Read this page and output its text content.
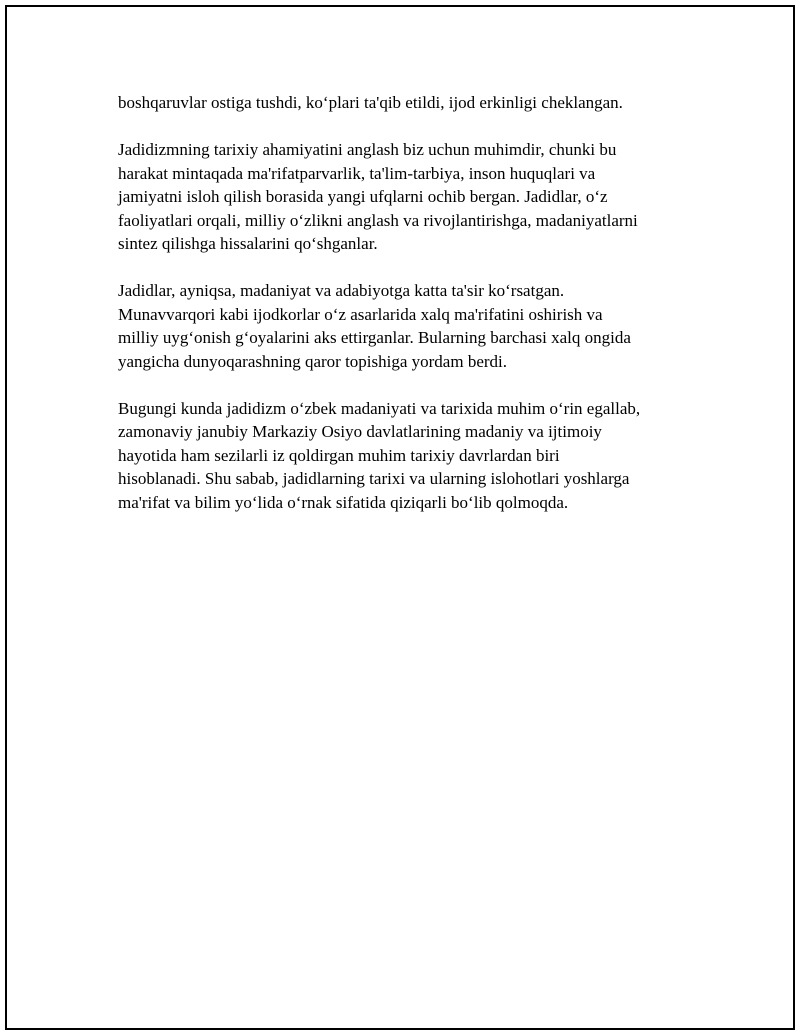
boshqaruvlar ostiga tushdi, ko‘plari ta'qib etildi, ijod erkinligi cheklangan.

Jadidizmning tarixiy ahamiyatini anglash biz uchun muhimdir, chunki bu
harakat mintaqada ma'rifatparvarlik, ta'lim-tarbiya, inson huquqlari va
jamiyatni isloh qilish borasida yangi ufqlarni ochib bergan. Jadidlar, o‘z
faoliyatlari orqali, milliy o‘zlikni anglash va rivojlantirishga, madaniyatlarni
sintez qilishga hissalarini qo‘shganlar.

Jadidlar, ayniqsa, madaniyat va adabiyotga katta ta'sir ko‘rsatgan.
Munavvarqori kabi ijodkorlar o‘z asarlarida xalq ma'rifatini oshirish va
milliy uyg‘onish g‘oyalarini aks ettirganlar. Bularning barchasi xalq ongida
yangicha dunyoqarashning qaror topishiga yordam berdi.

Bugungi kunda jadidizm o‘zbek madaniyati va tarixida muhim o‘rin egallab,
zamonaviy janubiy Markaziy Osiyo davlatlarining madaniy va ijtimoiy
hayotida ham sezilarli iz qoldirgan muhim tarixiy davrlardan biri
hisoblanadi. Shu sabab, jadidlarning tarixi va ularning islohotlari yoshlarga
ma'rifat va bilim yo‘lida o‘rnak sifatida qiziqarli bo‘lib qolmoqda.
